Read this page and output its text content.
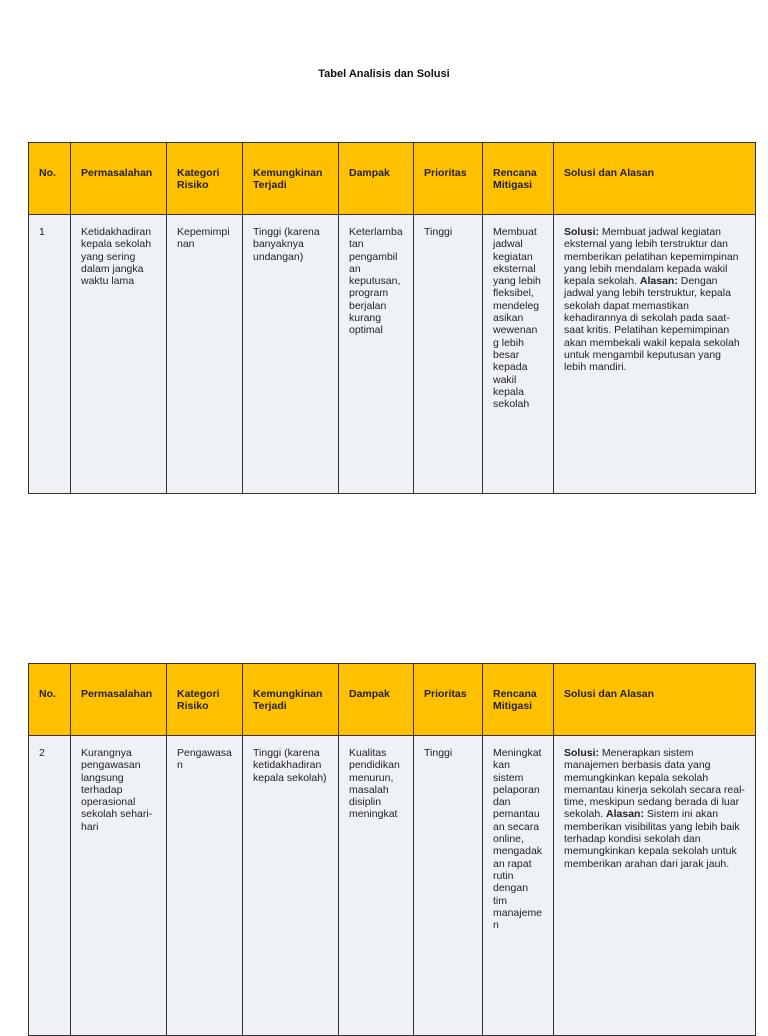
Tabel Analisis dan Solusi
No.	Permasalahan	Kategori Risiko	Kemungkinan Terjadi	Dampak	Prioritas	Rencana Mitigasi	Solusi dan Alasan
1	Ketidakhadiran kepala sekolah yang sering dalam jangka waktu lama	Kepemimpinan	Tinggi (karena banyaknya undangan)	Keterlambatan pengambilan keputusan, program berjalan kurang optimal	Tinggi	Membuat jadwal kegiatan eksternal yang lebih fleksibel, mendelegasikan wewenang lebih besar kepada wakil kepala sekolah	Solusi: Membuat jadwal kegiatan eksternal yang lebih terstruktur dan memberikan pelatihan kepemimpinan yang lebih mendalam kepada wakil kepala sekolah. Alasan: Dengan jadwal yang lebih terstruktur, kepala sekolah dapat memastikan kehadirannya di sekolah pada saat-saat kritis. Pelatihan kepemimpinan akan membekali wakil kepala sekolah untuk mengambil keputusan yang lebih mandiri.
No.	Permasalahan	Kategori Risiko	Kemungkinan Terjadi	Dampak	Prioritas	Rencana Mitigasi	Solusi dan Alasan
2	Kurangnya pengawasan langsung terhadap operasional sekolah sehari-hari	Pengawasan	Tinggi (karena ketidakhadiran kepala sekolah)	Kualitas pendidikan menurun, masalah disiplin meningkat	Tinggi	Meningkatkan sistem pelaporan dan pemantauan secara online, mengadakan rapat rutin dengan tim manajemen	Solusi: Menerapkan sistem manajemen berbasis data yang memungkinkan kepala sekolah memantau kinerja sekolah secara real-time, meskipun sedang berada di luar sekolah. Alasan: Sistem ini akan memberikan visibilitas yang lebih baik terhadap kondisi sekolah dan memungkinkan kepala sekolah untuk memberikan arahan dari jarak jauh.
